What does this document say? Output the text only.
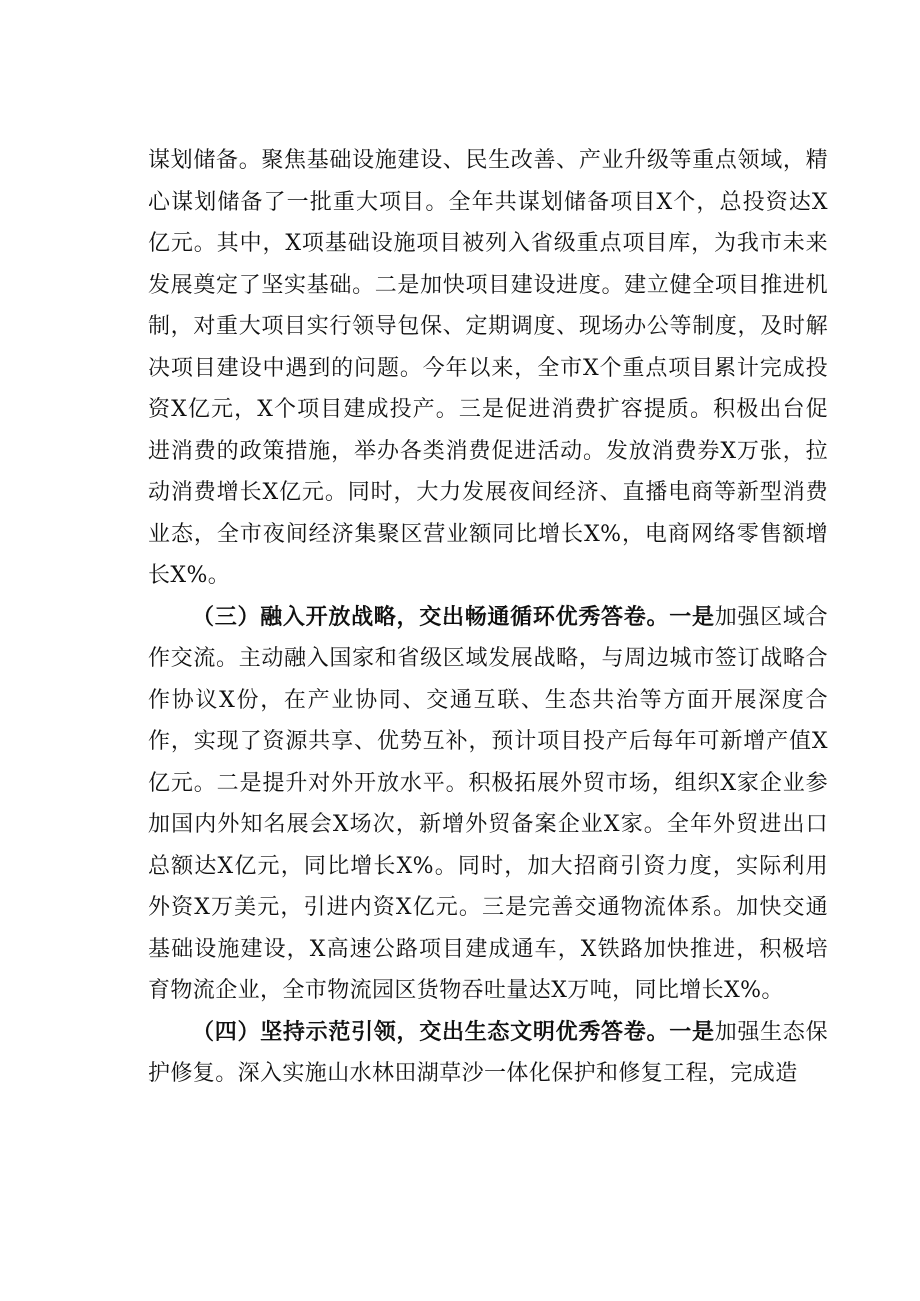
谋划储备。聚焦基础设施建设、民生改善、产业升级等重点领域，精心谋划储备了一批重大项目。全年共谋划储备项目X个，总投资达X亿元。其中，X项基础设施项目被列入省级重点项目库，为我市未来发展奠定了坚实基础。二是加快项目建设进度。建立健全项目推进机制，对重大项目实行领导包保、定期调度、现场办公等制度，及时解决项目建设中遇到的问题。今年以来，全市X个重点项目累计完成投资X亿元，X个项目建成投产。三是促进消费扩容提质。积极出台促进消费的政策措施，举办各类消费促进活动。发放消费券X万张，拉动消费增长X亿元。同时，大力发展夜间经济、直播电商等新型消费业态，全市夜间经济集聚区营业额同比增长X%，电商网络零售额增长X%。

（三）融入开放战略，交出畅通循环优秀答卷。一是加强区域合作交流。主动融入国家和省级区域发展战略，与周边城市签订战略合作协议X份，在产业协同、交通互联、生态共治等方面开展深度合作，实现了资源共享、优势互补，预计项目投产后每年可新增产值X亿元。二是提升对外开放水平。积极拓展外贸市场，组织X家企业参加国内外知名展会X场次，新增外贸备案企业X家。全年外贸进出口总额达X亿元，同比增长X%。同时，加大招商引资力度，实际利用外资X万美元，引进内资X亿元。三是完善交通物流体系。加快交通基础设施建设，X高速公路项目建成通车，X铁路加快推进，积极培育物流企业，全市物流园区货物吞吐量达X万吨，同比增长X%。

（四）坚持示范引领，交出生态文明优秀答卷。一是加强生态保护修复。深入实施山水林田湖草沙一体化保护和修复工程，完成造
